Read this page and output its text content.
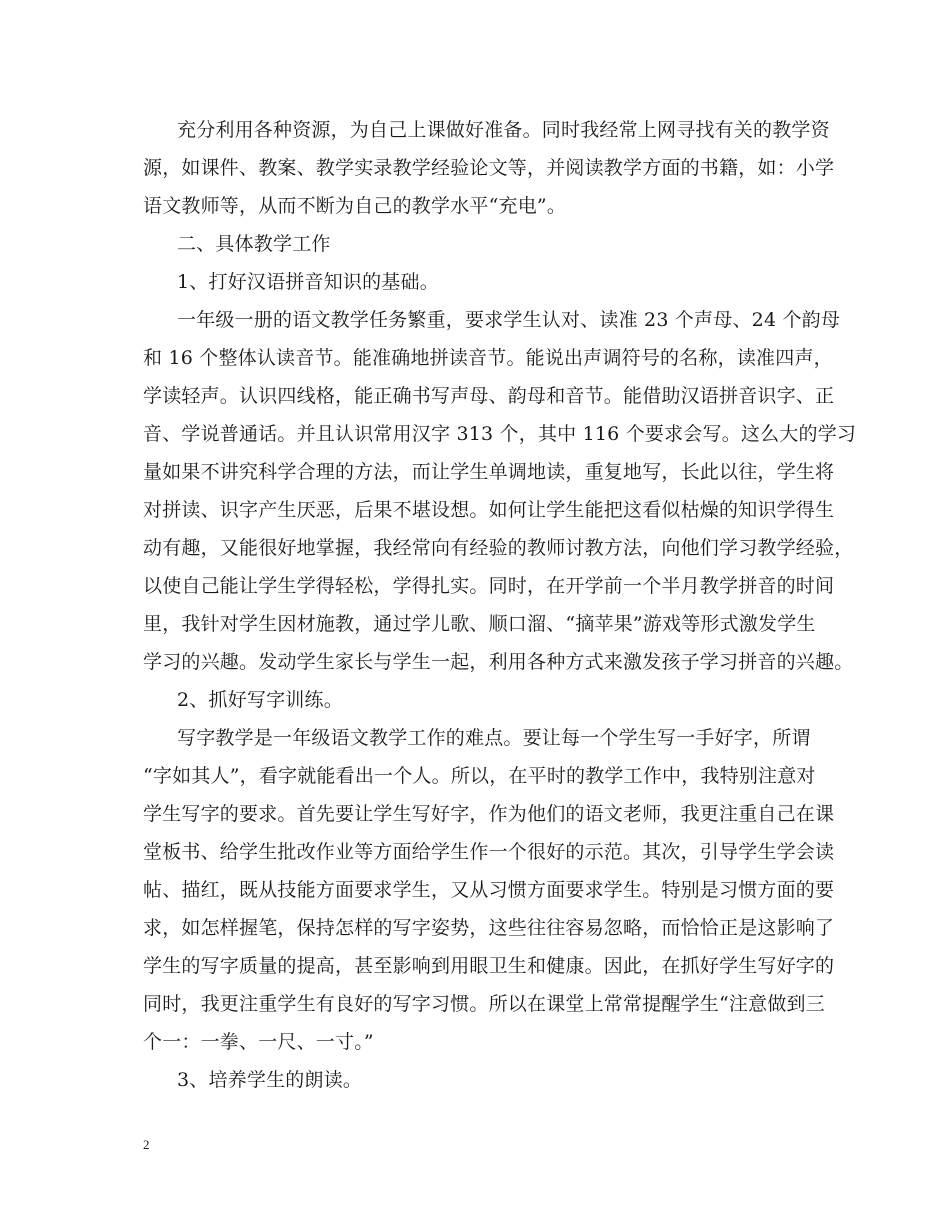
充分利用各种资源，为自己上课做好准备。同时我经常上网寻找有关的教学资
源，如课件、教案、教学实录教学经验论文等，并阅读教学方面的书籍，如：小学
语文教师等，从而不断为自己的教学水平“充电”。
二、具体教学工作
1、打好汉语拼音知识的基础。
一年级一册的语文教学任务繁重，要求学生认对、读准 23 个声母、24 个韵母
和 16 个整体认读音节。能准确地拼读音节。能说出声调符号的名称，读准四声，
学读轻声。认识四线格，能正确书写声母、韵母和音节。能借助汉语拼音识字、正
音、学说普通话。并且认识常用汉字 313 个，其中 116 个要求会写。这么大的学习
量如果不讲究科学合理的方法，而让学生单调地读，重复地写，长此以往，学生将
对拼读、识字产生厌恶，后果不堪设想。如何让学生能把这看似枯燥的知识学得生
动有趣，又能很好地掌握，我经常向有经验的教师讨教方法，向他们学习教学经验，
以使自己能让学生学得轻松，学得扎实。同时，在开学前一个半月教学拼音的时间
里，我针对学生因材施教，通过学儿歌、顺口溜、“摘苹果”游戏等形式激发学生
学习的兴趣。发动学生家长与学生一起，利用各种方式来激发孩子学习拼音的兴趣。
2、抓好写字训练。
写字教学是一年级语文教学工作的难点。要让每一个学生写一手好字，所谓
“字如其人”，看字就能看出一个人。所以，在平时的教学工作中，我特别注意对
学生写字的要求。首先要让学生写好字，作为他们的语文老师，我更注重自己在课
堂板书、给学生批改作业等方面给学生作一个很好的示范。其次，引导学生学会读
帖、描红，既从技能方面要求学生，又从习惯方面要求学生。特别是习惯方面的要
求，如怎样握笔，保持怎样的写字姿势，这些往往容易忽略，而恰恰正是这影响了
学生的写字质量的提高，甚至影响到用眼卫生和健康。因此，在抓好学生写好字的
同时，我更注重学生有良好的写字习惯。所以在课堂上常常提醒学生“注意做到三
个一：一拳、一尺、一寸。”
3、培养学生的朗读。
2
